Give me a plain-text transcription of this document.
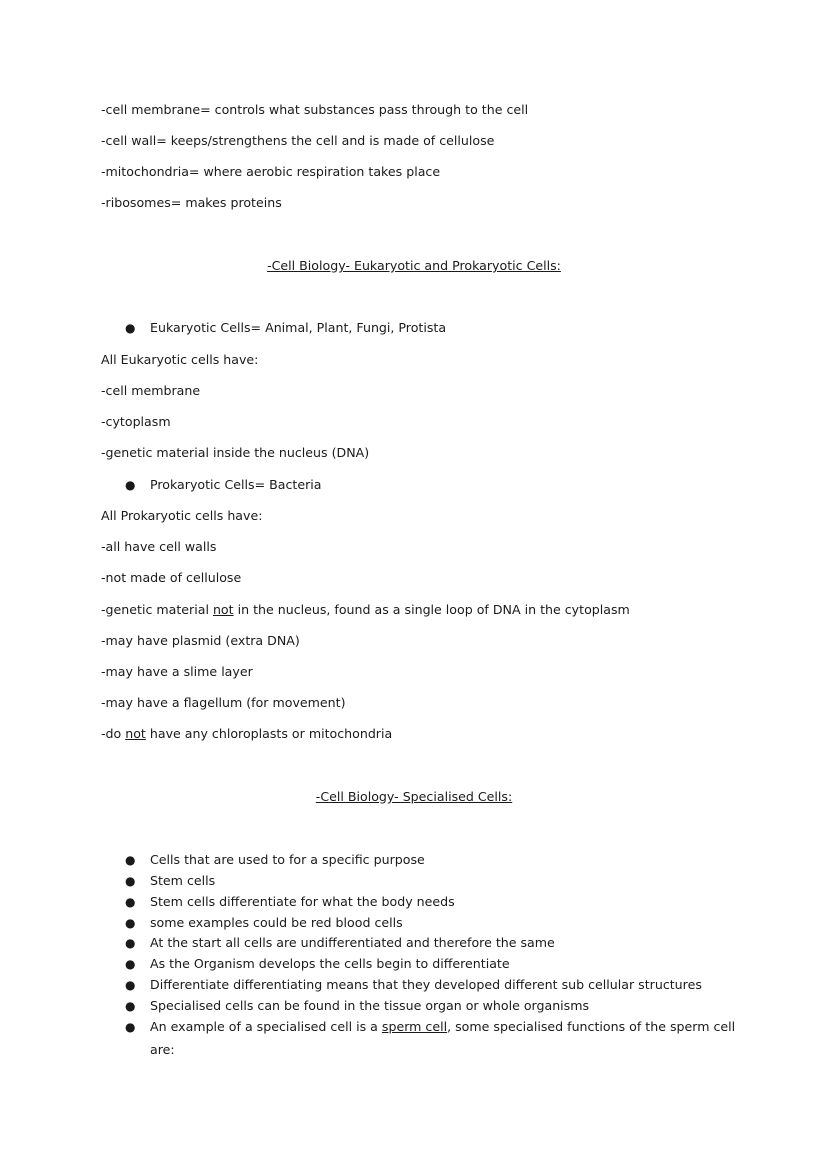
-cell membrane= controls what substances pass through to the cell
-cell wall= keeps/strengthens the cell and is made of cellulose
-mitochondria= where aerobic respiration takes place
-ribosomes= makes proteins
-Cell Biology- Eukaryotic and Prokaryotic Cells:
● Eukaryotic Cells= Animal, Plant, Fungi, Protista
All Eukaryotic cells have:
-cell membrane
-cytoplasm
-genetic material inside the nucleus (DNA)
● Prokaryotic Cells= Bacteria
All Prokaryotic cells have:
-all have cell walls
-not made of cellulose
-genetic material not in the nucleus, found as a single loop of DNA in the cytoplasm
-may have plasmid (extra DNA)
-may have a slime layer
-may have a flagellum (for movement)
-do not have any chloroplasts or mitochondria
-Cell Biology- Specialised Cells:
● Cells that are used to for a specific purpose
● Stem cells
● Stem cells differentiate for what the body needs
● some examples could be red blood cells
● At the start all cells are undifferentiated and therefore the same
● As the Organism develops the cells begin to differentiate
● Differentiate differentiating means that they developed different sub cellular structures
● Specialised cells can be found in the tissue organ or whole organisms
● An example of a specialised cell is a sperm cell, some specialised functions of the sperm cell
are:
